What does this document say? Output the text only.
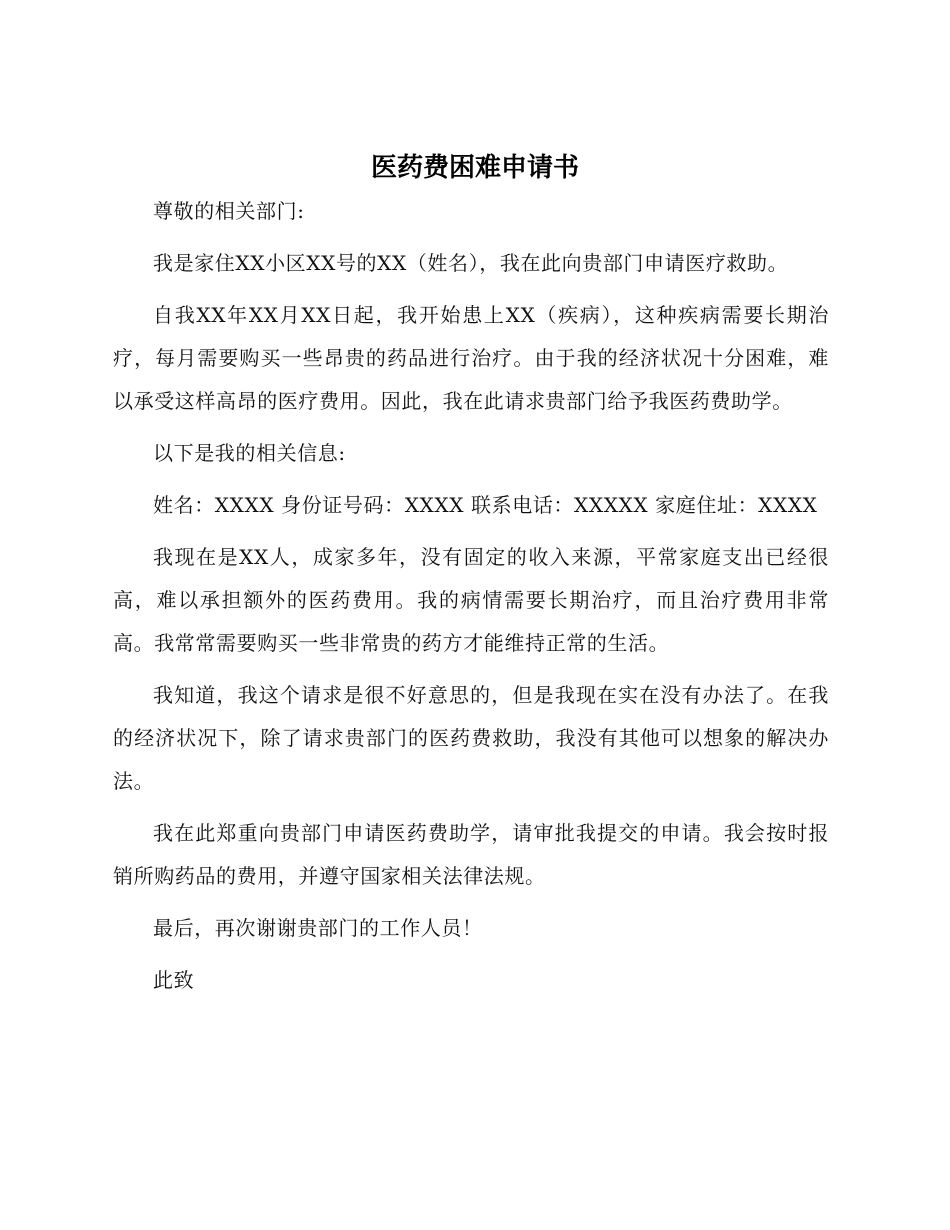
医药费困难申请书

尊敬的相关部门:

我是家住XX小区XX号的XX（姓名），我在此向贵部门申请医疗救助。

自我XX年XX月XX日起，我开始患上XX（疾病），这种疾病需要长期治疗，每月需要购买一些昂贵的药品进行治疗。由于我的经济状况十分困难，难以承受这样高昂的医疗费用。因此，我在此请求贵部门给予我医药费助学。

以下是我的相关信息:

姓名：XXXX 身份证号码：XXXX 联系电话：XXXXX 家庭住址：XXXX

我现在是XX人，成家多年，没有固定的收入来源，平常家庭支出已经很高，难以承担额外的医药费用。我的病情需要长期治疗，而且治疗费用非常高。我常常需要购买一些非常贵的药方才能维持正常的生活。

我知道，我这个请求是很不好意思的，但是我现在实在没有办法了。在我的经济状况下，除了请求贵部门的医药费救助，我没有其他可以想象的解决办法。

我在此郑重向贵部门申请医药费助学，请审批我提交的申请。我会按时报销所购药品的费用，并遵守国家相关法律法规。

最后，再次谢谢贵部门的工作人员！

此致
